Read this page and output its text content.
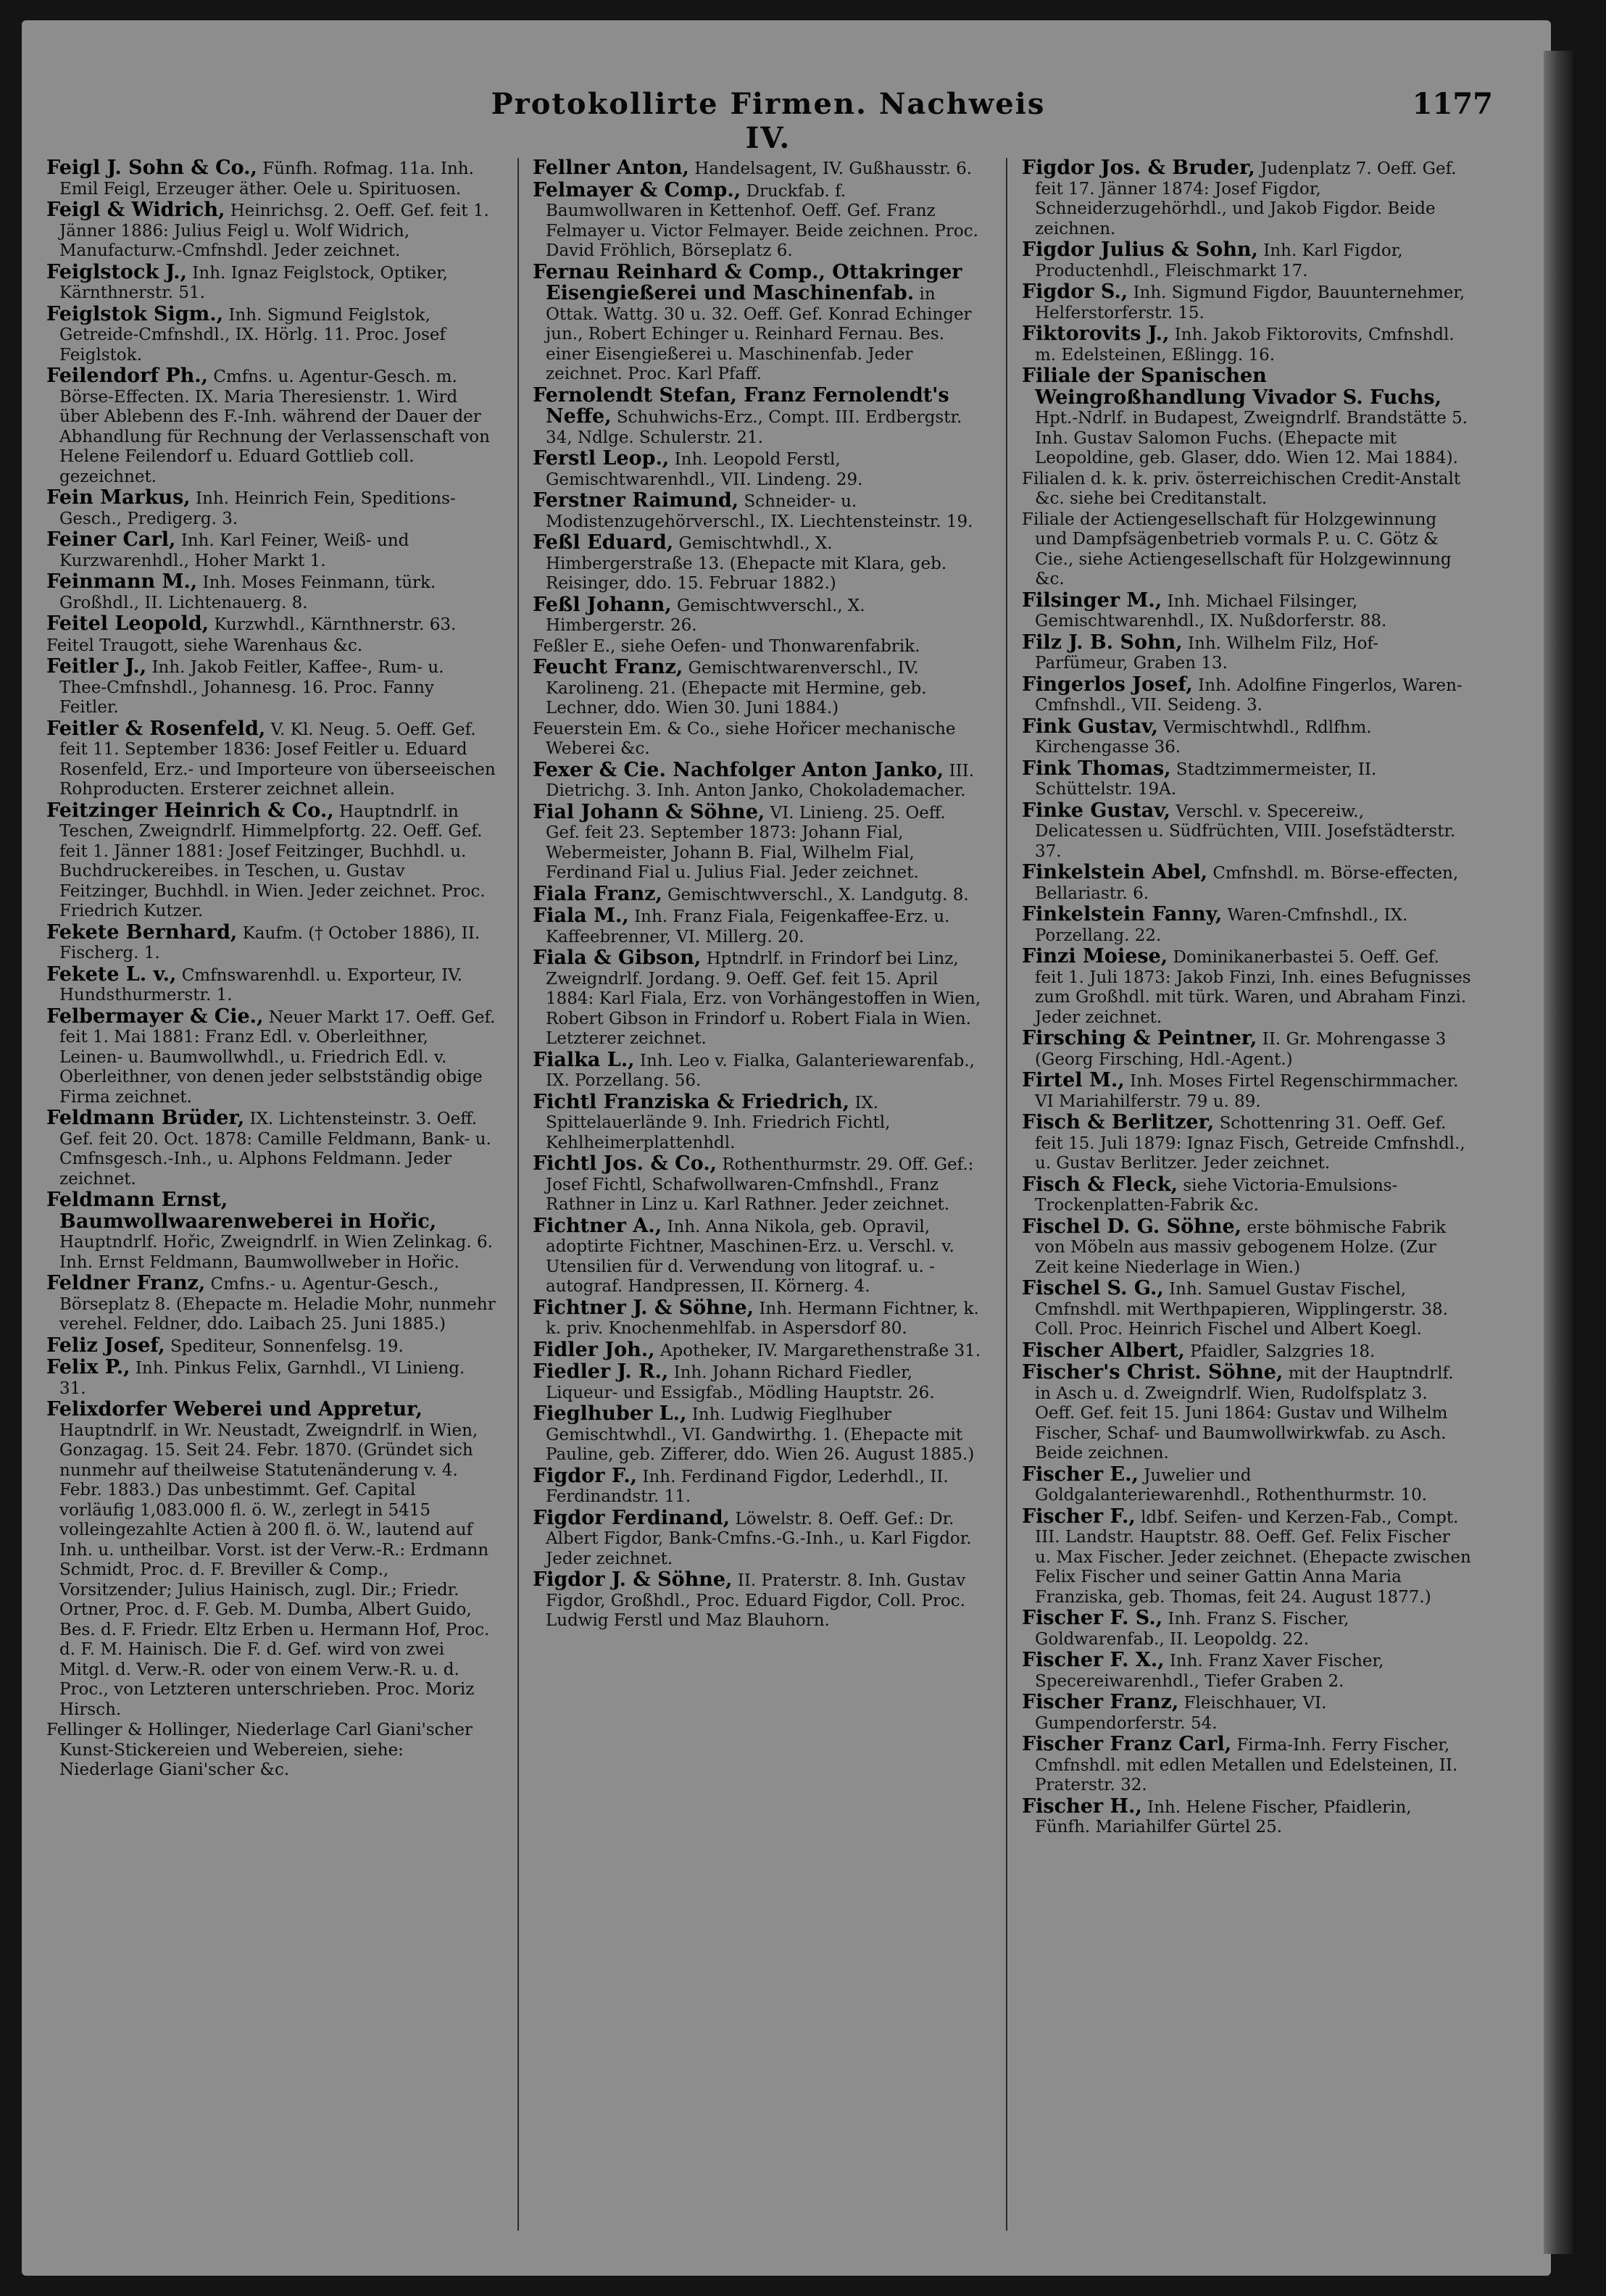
Protokollirte Firmen. Nachweis IV.
1177

Feigl J. Sohn & Co., Fünfh. Rofmag. 11a. Inh. Emil Feigl, Erzeuger äther. Oele u. Spirituosen.

Feigl & Widrich, Heinrichsg. 2. Oeff. Gef. feit 1. Jänner 1886: Julius Feigl u. Wolf Widrich, Manufacturw.-Cmfnshdl. Jeder zeichnet.

Feiglstock J., Inh. Ignaz Feiglstock, Optiker, Kärnthnerstr. 51.

Feiglstok Sigm., Inh. Sigmund Feiglstok, Getreide-Cmfnshdl., IX. Hörlg. 11. Proc. Josef Feiglstok.

Feilendorf Ph., Cmfns. u. Agentur-Gesch. m. Börse-Effecten. IX. Maria Theresienstr. 1. Wird über Ablebenn des F.-Inh. während der Dauer der Abhandlung für Rechnung der Verlassenschaft von Helene Feilendorf u. Eduard Gottlieb coll. gezeichnet.

Fein Markus, Inh. Heinrich Fein, Speditions-Gesch., Predigerg. 3.

Feiner Carl, Inh. Karl Feiner, Weiß- und Kurzwarenhdl., Hoher Markt 1.

Feinmann M., Inh. Moses Feinmann, türk. Großhdl., II. Lichtenauerg. 8.

Feitel Leopold, Kurzwhdl., Kärnthnerstr. 63.

Feitel Traugott, siehe Warenhaus &c.

Feitler J., Inh. Jakob Feitler, Kaffee-, Rum- u. Thee-Cmfnshdl., Johannesg. 16. Proc. Fanny Feitler.

Feitler & Rosenfeld, V. Kl. Neug. 5. Oeff. Gef. feit 11. September 1836: Josef Feitler u. Eduard Rosenfeld, Erz.- und Importeure von überseeischen Rohproducten. Ersterer zeichnet allein.

Feitzinger Heinrich & Co., Hauptndrlf. in Teschen, Zweigndrlf. Himmelpfortg. 22. Oeff. Gef. feit 1. Jänner 1881: Josef Feitzinger, Buchhdl. u. Buchdruckereibes. in Teschen, u. Gustav Feitzinger, Buchhdl. in Wien. Jeder zeichnet. Proc. Friedrich Kutzer.

Fekete Bernhard, Kaufm. († October 1886), II. Fischerg. 1.

Fekete L. v., Cmfnswarenhdl. u. Exporteur, IV. Hundsthurmerstr. 1.

Felbermayer & Cie., Neuer Markt 17. Oeff. Gef. feit 1. Mai 1881: Franz Edl. v. Oberleithner, Leinen- u. Baumwollwhdl., u. Friedrich Edl. v. Oberleithner, von denen jeder selbstständig obige Firma zeichnet.

Feldmann Brüder, IX. Lichtensteinstr. 3. Oeff. Gef. feit 20. Oct. 1878: Camille Feldmann, Bank- u. Cmfnsgesch.-Inh., u. Alphons Feldmann. Jeder zeichnet.

Feldmann Ernst, Baumwollwaarenweberei in Hořic, Hauptndrlf. Hořic, Zweigndrlf. in Wien Zelinkag. 6. Inh. Ernst Feldmann, Baumwollweber in Hořic.

Feldner Franz, Cmfns.- u. Agentur-Gesch., Börseplatz 8. (Ehepacte m. Heladie Mohr, nunmehr verehel. Feldner, ddo. Laibach 25. Juni 1885.)

Feliz Josef, Spediteur, Sonnenfelsg. 19.

Felix P., Inh. Pinkus Felix, Garnhdl., VI Linieng. 31.

Felixdorfer Weberei und Appretur, Hauptndrlf. in Wr. Neustadt, Zweigndrlf. in Wien, Gonzagag. 15. Seit 24. Febr. 1870. (Gründet sich nunmehr auf theilweise Statutenänderung v. 4. Febr. 1883.) Das unbestimmt. Gef. Capital vorläufig 1,083.000 fl. ö. W., zerlegt in 5415 volleingezahlte Actien à 200 fl. ö. W., lautend auf Inh. u. untheilbar. Vorst. ist der Verw.-R.: Erdmann Schmidt, Proc. d. F. Breviller & Comp., Vorsitzender; Julius Hainisch, zugl. Dir.; Friedr. Ortner, Proc. d. F. Geb. M. Dumba, Albert Guido, Bes. d. F. Friedr. Eltz Erben u. Hermann Hof, Proc. d. F. M. Hainisch. Die F. d. Gef. wird von zwei Mitgl. d. Verw.-R. oder von einem Verw.-R. u. d. Proc., von Letzteren unterschrieben. Proc. Moriz Hirsch.

Fellinger & Hollinger, Niederlage Carl Giani'scher Kunst-Stickereien und Webereien, siehe: Niederlage Giani'scher &c.

Fellner Anton, Handelsagent, IV. Gußhausstr. 6.

Felmayer & Comp., Druckfab. f. Baumwollwaren in Kettenhof. Oeff. Gef. Franz Felmayer u. Victor Felmayer. Beide zeichnen. Proc. David Fröhlich, Börseplatz 6.

Fernau Reinhard & Comp., Ottakringer Eisengießerei und Maschinenfab. in Ottak. Wattg. 30 u. 32. Oeff. Gef. Konrad Echinger jun., Robert Echinger u. Reinhard Fernau. Bes. einer Eisengießerei u. Maschinenfab. Jeder zeichnet. Proc. Karl Pfaff.

Fernolendt Stefan, Franz Fernolendt's Neffe, Schuhwichs-Erz., Compt. III. Erdbergstr. 34, Ndlge. Schulerstr. 21.

Ferstl Leop., Inh. Leopold Ferstl, Gemischtwarenhdl., VII. Lindeng. 29.

Ferstner Raimund, Schneider- u. Modistenzugehörverschl., IX. Liechtensteinstr. 19.

Feßl Eduard, Gemischtwhdl., X. Himbergerstraße 13. (Ehepacte mit Klara, geb. Reisinger, ddo. 15. Februar 1882.)

Feßl Johann, Gemischtwverschl., X. Himbergerstr. 26.

Feßler E., siehe Oefen- und Thonwarenfabrik.

Feucht Franz, Gemischtwarenverschl., IV. Karolineng. 21. (Ehepacte mit Hermine, geb. Lechner, ddo. Wien 30. Juni 1884.)

Feuerstein Em. & Co., siehe Hořicer mechanische Weberei &c.

Fexer & Cie. Nachfolger Anton Janko, III. Dietrichg. 3. Inh. Anton Janko, Chokolademacher.

Fial Johann & Söhne, VI. Linieng. 25. Oeff. Gef. feit 23. September 1873: Johann Fial, Webermeister, Johann B. Fial, Wilhelm Fial, Ferdinand Fial u. Julius Fial. Jeder zeichnet.

Fiala Franz, Gemischtwverschl., X. Landgutg. 8.

Fiala M., Inh. Franz Fiala, Feigenkaffee-Erz. u. Kaffeebrenner, VI. Millerg. 20.

Fiala & Gibson, Hptndrlf. in Frindorf bei Linz, Zweigndrlf. Jordang. 9. Oeff. Gef. feit 15. April 1884: Karl Fiala, Erz. von Vorhängestoffen in Wien, Robert Gibson in Frindorf u. Robert Fiala in Wien. Letzterer zeichnet.

Fialka L., Inh. Leo v. Fialka, Galanteriewarenfab., IX. Porzellang. 56.

Fichtl Franziska & Friedrich, IX. Spittelauerlände 9. Inh. Friedrich Fichtl, Kehlheimerplattenhdl.

Fichtl Jos. & Co., Rothenthurmstr. 29. Off. Gef.: Josef Fichtl, Schafwollwaren-Cmfnshdl., Franz Rathner in Linz u. Karl Rathner. Jeder zeichnet.

Fichtner A., Inh. Anna Nikola, geb. Opravil, adoptirte Fichtner, Maschinen-Erz. u. Verschl. v. Utensilien für d. Verwendung von litograf. u. -autograf. Handpressen, II. Körnerg. 4.

Fichtner J. & Söhne, Inh. Hermann Fichtner, k. k. priv. Knochenmehlfab. in Aspersdorf 80.

Fidler Joh., Apotheker, IV. Margarethenstraße 31.

Fiedler J. R., Inh. Johann Richard Fiedler, Liqueur- und Essigfab., Mödling Hauptstr. 26.

Fieglhuber L., Inh. Ludwig Fieglhuber Gemischtwhdl., VI. Gandwirthg. 1. (Ehepacte mit Pauline, geb. Zifferer, ddo. Wien 26. August 1885.)

Figdor F., Inh. Ferdinand Figdor, Lederhdl., II. Ferdinandstr. 11.

Figdor Ferdinand, Löwelstr. 8. Oeff. Gef.: Dr. Albert Figdor, Bank-Cmfns.-G.-Inh., u. Karl Figdor. Jeder zeichnet.

Figdor J. & Söhne, II. Praterstr. 8. Inh. Gustav Figdor, Großhdl., Proc. Eduard Figdor, Coll. Proc. Ludwig Ferstl und Maz Blauhorn.

Figdor Jos. & Bruder, Judenplatz 7. Oeff. Gef. feit 17. Jänner 1874: Josef Figdor, Schneiderzugehörhdl., und Jakob Figdor. Beide zeichnen.

Figdor Julius & Sohn, Inh. Karl Figdor, Productenhdl., Fleischmarkt 17.

Figdor S., Inh. Sigmund Figdor, Bauunternehmer, Helferstorferstr. 15.

Fiktorovits J., Inh. Jakob Fiktorovits, Cmfnshdl. m. Edelsteinen, Eßlingg. 16.

Filiale der Spanischen Weingroßhandlung Vivador S. Fuchs, Hpt.-Ndrlf. in Budapest, Zweigndrlf. Brandstätte 5. Inh. Gustav Salomon Fuchs. (Ehepacte mit Leopoldine, geb. Glaser, ddo. Wien 12. Mai 1884).

Filialen d. k. k. priv. österreichischen Credit-Anstalt &c. siehe bei Creditanstalt.

Filiale der Actiengesellschaft für Holzgewinnung und Dampfsägenbetrieb vormals P. u. C. Götz & Cie., siehe Actiengesellschaft für Holzgewinnung &c.

Filsinger M., Inh. Michael Filsinger, Gemischtwarenhdl., IX. Nußdorferstr. 88.

Filz J. B. Sohn, Inh. Wilhelm Filz, Hof-Parfümeur, Graben 13.

Fingerlos Josef, Inh. Adolfine Fingerlos, Waren-Cmfnshdl., VII. Seideng. 3.

Fink Gustav, Vermischtwhdl., Rdlfhm. Kirchengasse 36.

Fink Thomas, Stadtzimmermeister, II. Schüttelstr. 19A.

Finke Gustav, Verschl. v. Specereiw., Delicatessen u. Südfrüchten, VIII. Josefstädterstr. 37.

Finkelstein Abel, Cmfnshdl. m. Börse-effecten, Bellariastr. 6.

Finkelstein Fanny, Waren-Cmfnshdl., IX. Porzellang. 22.

Finzi Moiese, Dominikanerbastei 5. Oeff. Gef. feit 1. Juli 1873: Jakob Finzi, Inh. eines Befugnisses zum Großhdl. mit türk. Waren, und Abraham Finzi. Jeder zeichnet.

Firsching & Peintner, II. Gr. Mohrengasse 3 (Georg Firsching, Hdl.-Agent.)

Firtel M., Inh. Moses Firtel Regenschirmmacher. VI Mariahilferstr. 79 u. 89.

Fisch & Berlitzer, Schottenring 31. Oeff. Gef. feit 15. Juli 1879: Ignaz Fisch, Getreide Cmfnshdl., u. Gustav Berlitzer. Jeder zeichnet.

Fisch & Fleck, siehe Victoria-Emulsions-Trockenplatten-Fabrik &c.

Fischel D. G. Söhne, erste böhmische Fabrik von Möbeln aus massiv gebogenem Holze. (Zur Zeit keine Niederlage in Wien.)

Fischel S. G., Inh. Samuel Gustav Fischel, Cmfnshdl. mit Werthpapieren, Wipplingerstr. 38. Coll. Proc. Heinrich Fischel und Albert Koegl.

Fischer Albert, Pfaidler, Salzgries 18.

Fischer's Christ. Söhne, mit der Hauptndrlf. in Asch u. d. Zweigndrlf. Wien, Rudolfsplatz 3. Oeff. Gef. feit 15. Juni 1864: Gustav und Wilhelm Fischer, Schaf- und Baumwollwirkwfab. zu Asch. Beide zeichnen.

Fischer E., Juwelier und Goldgalanteriewarenhdl., Rothenthurmstr. 10.

Fischer F., ldbf. Seifen- und Kerzen-Fab., Compt. III. Landstr. Hauptstr. 88. Oeff. Gef. Felix Fischer u. Max Fischer. Jeder zeichnet. (Ehepacte zwischen Felix Fischer und seiner Gattin Anna Maria Franziska, geb. Thomas, feit 24. August 1877.)

Fischer F. S., Inh. Franz S. Fischer, Goldwarenfab., II. Leopoldg. 22.

Fischer F. X., Inh. Franz Xaver Fischer, Specereiwarenhdl., Tiefer Graben 2.

Fischer Franz, Fleischhauer, VI. Gumpendorferstr. 54.

Fischer Franz Carl, Firma-Inh. Ferry Fischer, Cmfnshdl. mit edlen Metallen und Edelsteinen, II. Praterstr. 32.

Fischer H., Inh. Helene Fischer, Pfaidlerin, Fünfh. Mariahilfer Gürtel 25.
